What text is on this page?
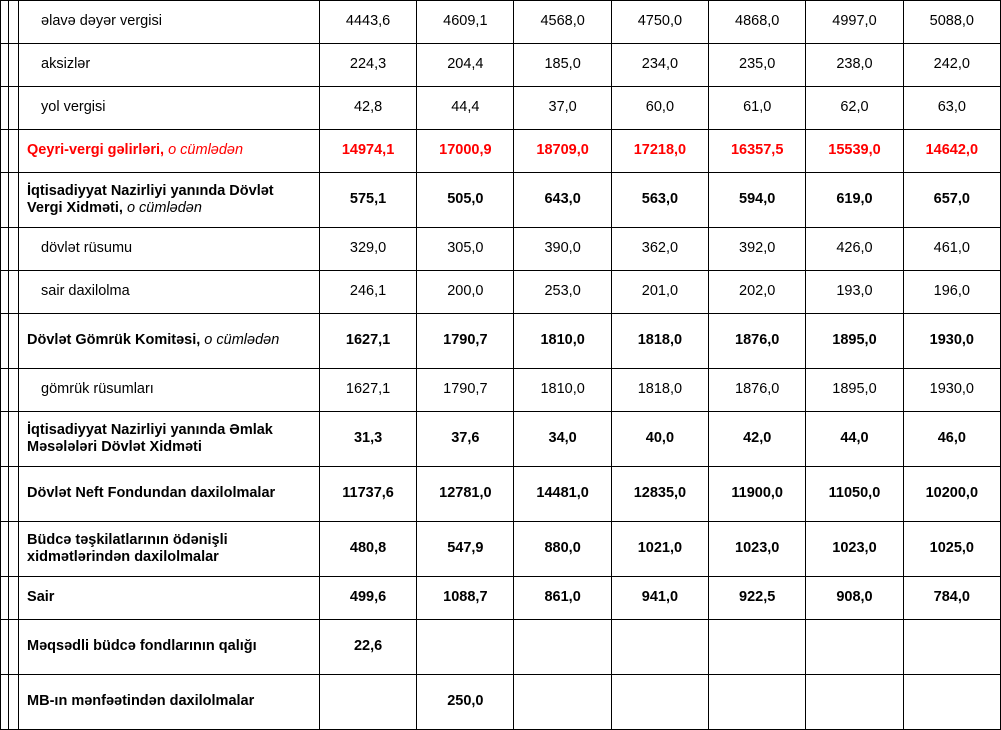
		əlavə dəyər vergisi	4443,6	4609,1	4568,0	4750,0	4868,0	4997,0	5088,0
		aksizlər	224,3	204,4	185,0	234,0	235,0	238,0	242,0
		yol vergisi	42,8	44,4	37,0	60,0	61,0	62,0	63,0
		Qeyri-vergi gəlirləri, o cümlədən	14974,1	17000,9	18709,0	17218,0	16357,5	15539,0	14642,0
		İqtisadiyyat Nazirliyi yanında Dövlət Vergi Xidməti, o cümlədən	575,1	505,0	643,0	563,0	594,0	619,0	657,0
		dövlət rüsumu	329,0	305,0	390,0	362,0	392,0	426,0	461,0
		sair daxilolma	246,1	200,0	253,0	201,0	202,0	193,0	196,0
		Dövlət Gömrük Komitəsi, o cümlədən	1627,1	1790,7	1810,0	1818,0	1876,0	1895,0	1930,0
		gömrük rüsumları	1627,1	1790,7	1810,0	1818,0	1876,0	1895,0	1930,0
		İqtisadiyyat Nazirliyi yanında Əmlak Məsələləri Dövlət Xidməti	31,3	37,6	34,0	40,0	42,0	44,0	46,0
		Dövlət Neft Fondundan daxilolmalar	11737,6	12781,0	14481,0	12835,0	11900,0	11050,0	10200,0
		Büdcə təşkilatlarının ödənişli xidmətlərindən daxilolmalar	480,8	547,9	880,0	1021,0	1023,0	1023,0	1025,0
		Sair	499,6	1088,7	861,0	941,0	922,5	908,0	784,0
		Məqsədli büdcə fondlarının qalığı	22,6						
		MB-ın mənfəətindən daxilolmalar		250,0					
